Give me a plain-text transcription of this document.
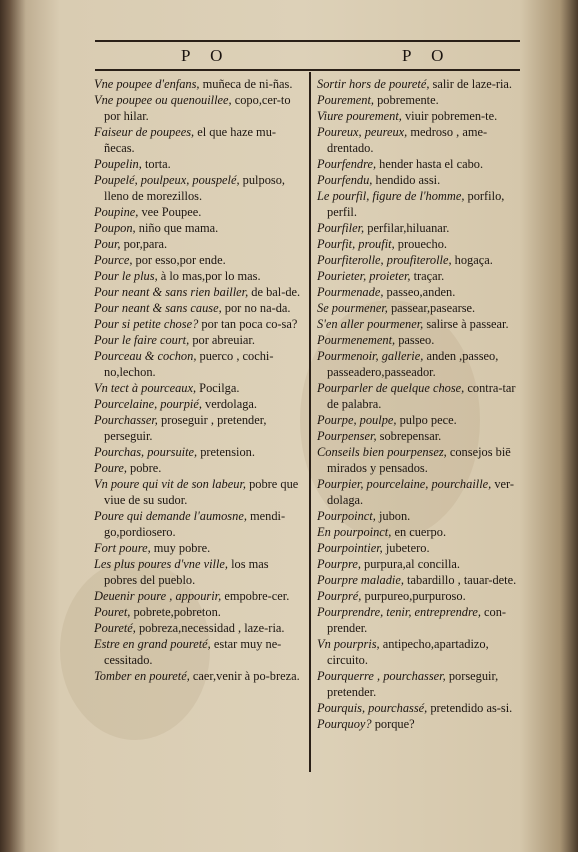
P O	P O

Vne poupee d'enfans, muñeca de ni-ñas.

Vne poupee ou quenouillee, copo,cer-to por hilar.

Faiseur de poupees, el que haze mu-ñecas.

Poupelin, torta.

Poupelé, poulpeux, pouspelé, pulposo, lleno de morezillos.

Poupine, vee Poupee.

Poupon, niño que mama.

Pour, por,para.

Pource, por esso,por ende.

Pour le plus, à lo mas,por lo mas.

Pour neant & sans rien bailler, de bal-de.

Pour neant & sans cause, por no na-da.

Pour si petite chose? por tan poca co-sa?

Pour le faire court, por abreuiar.

Pourceau & cochon, puerco , cochi-no,lechon.

Vn tect à pourceaux, Pocilga.

Pourcelaine, pourpié, verdolaga.

Pourchasser, proseguir , pretender, perseguir.

Pourchas, poursuite, pretension.

Poure, pobre.

Vn poure qui vit de son labeur, pobre que viue de su sudor.

Poure qui demande l'aumosne, mendi-go,pordiosero.

Fort poure, muy pobre.

Les plus poures d'vne ville, los mas pobres del pueblo.

Deuenir poure , appourir, empobre-cer.

Pouret, pobrete,pobreton.

Poureté, pobreza,necessidad , laze-ria.

Estre en grand poureté, estar muy ne-cessitado.

Tomber en poureté, caer,venir à po-breza.

Sortir hors de poureté, salir de laze-ria.

Pourement, pobremente.

Viure pourement, viuir pobremen-te.

Poureux, peureux, medroso , ame-drentado.

Pourfendre, hender hasta el cabo.

Pourfendu, hendido assi.

Le pourfil, figure de l'homme, porfilo, perfil.

Pourfiler, perfilar,hiluanar.

Pourfit, proufit, prouecho.

Pourfiterolle, proufiterolle, hogaça.

Pourieter, proieter, traçar.

Pourmenade, passeo,anden.

Se pourmener, passear,pasearse.

S'en aller pourmener, salirse à passear.

Pourmenement, passeo.

Pourmenoir, gallerie, anden ,passeo, passeadero,passeador.

Pourparler de quelque chose, contra-tar de palabra.

Pourpe, poulpe, pulpo pece.

Pourpenser, sobrepensar.

Conseils bien pourpensez, consejos biē mirados y pensados.

Pourpier, pourcelaine, pourchaille, ver-dolaga.

Pourpoinct, jubon.

En pourpoinct, en cuerpo.

Pourpointier, jubetero.

Pourpre, purpura,al concilla.

Pourpre maladie, tabardillo , tauar-dete.

Pourpré, purpureo,purpuroso.

Pourprendre, tenir, entreprendre, con-prender.

Vn pourpris, antipecho,apartadizo, circuito.

Pourquerre , pourchasser, porseguir, pretender.

Pourquis, pourchassé, pretendido as-si.

Pourquoy? porque?
